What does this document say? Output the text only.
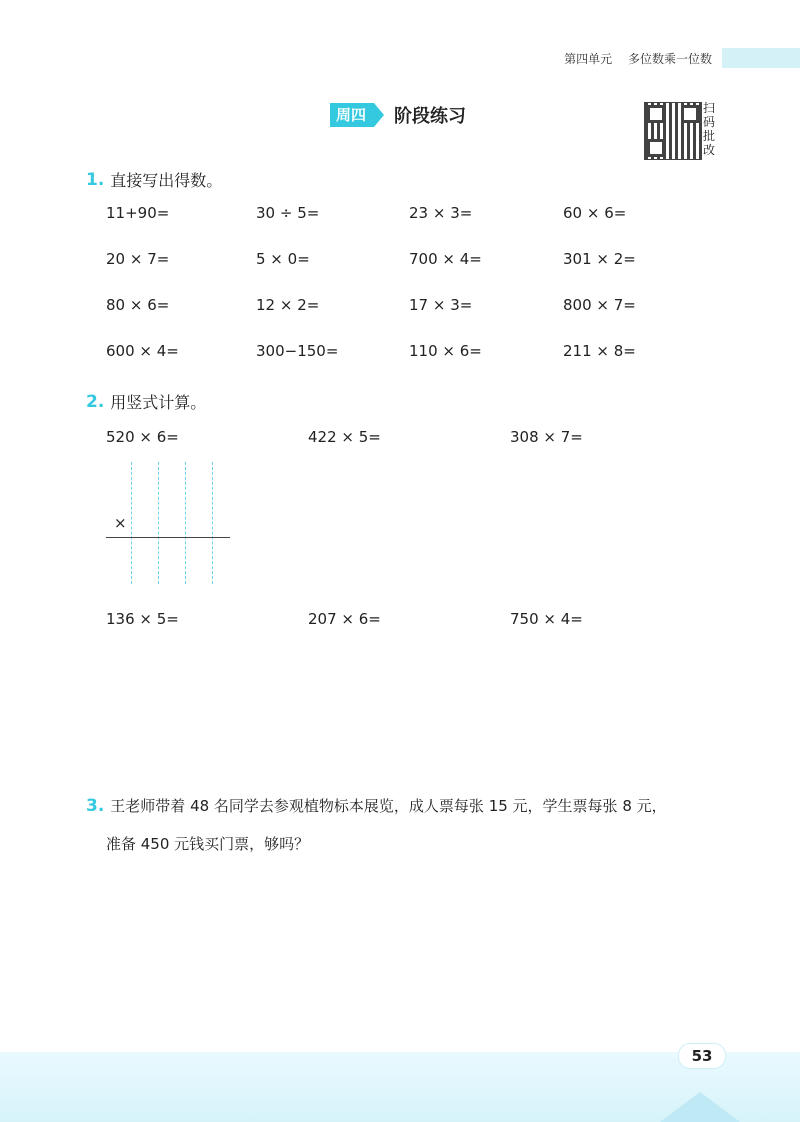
第四单元 多位数乘一位数
周四	阶段练习	扫码批改
1. 直接写出得数。
11+90=	30 ÷ 5=	23 × 3=	60 × 6=
20 × 7=	5 × 0=	700 × 4=	301 × 2=
80 × 6=	12 × 2=	17 × 3=	800 × 7=
600 × 4=	300−150=	110 × 6=	211 × 8=
2. 用竖式计算。
520 × 6=	422 × 5=	308 × 7=
×
136 × 5=	207 × 6=	750 × 4=
3. 王老师带着 48 名同学去参观植物标本展览，成人票每张 15 元，学生票每张 8 元，
准备 450 元钱买门票，够吗？
53
